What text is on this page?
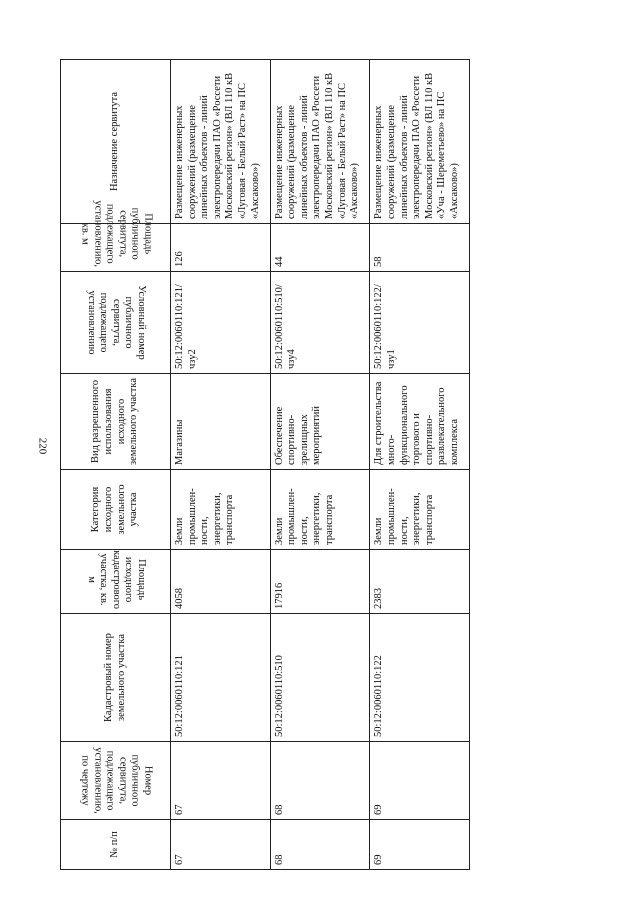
220
№ п/п	Номер публичного сервитута, подлежащего установлению, по чертежу	Кадастровый номер земельного участка	Площадь исходного кадастрового участка, кв. м	Категория исходного земельного участка	Вид разрешенного использования исходного земельного участка	Условный номер публичного сервитута, подлежащего установлению	Площадь публичного сервитута, подлежащего установлению, кв. м	Назначение сервитута
67	67	50:12:0060110:121	4058	Земли промышлен-ности, энергетики, транспорта	Магазины	50:12:0060110:121/чзу2	126	Размещение инженерных сооружений (размещение линейных объектов - линий электропередачи ПАО «Россети Московский регион» (ВЛ 110 кВ «Луговая - Белый Раст» на ПС «Аксаково»)
68	68	50:12:0060110:510	17916	Земли промышлен-ности, энергетики, транспорта	Обеспечение спортивно-зрелищных мероприятий	50:12:0060110:510/чзу4	44	Размещение инженерных сооружений (размещение линейных объектов - линий электропередачи ПАО «Россети Московский регион» (ВЛ 110 кВ «Луговая - Белый Раст» на ПС «Аксаково»)
69	69	50:12:0060110:122	2383	Земли промышлен-ности, энергетики, транспорта	Для строительства много-функционального торгового и спортивно-развлекательного комплекса	50:12:0060110:122/чзу1	58	Размещение инженерных сооружений (размещение линейных объектов - линий электропередачи ПАО «Россети Московский регион» (ВЛ 110 кВ «Уча - Шереметьево» на ПС «Аксаково»)
